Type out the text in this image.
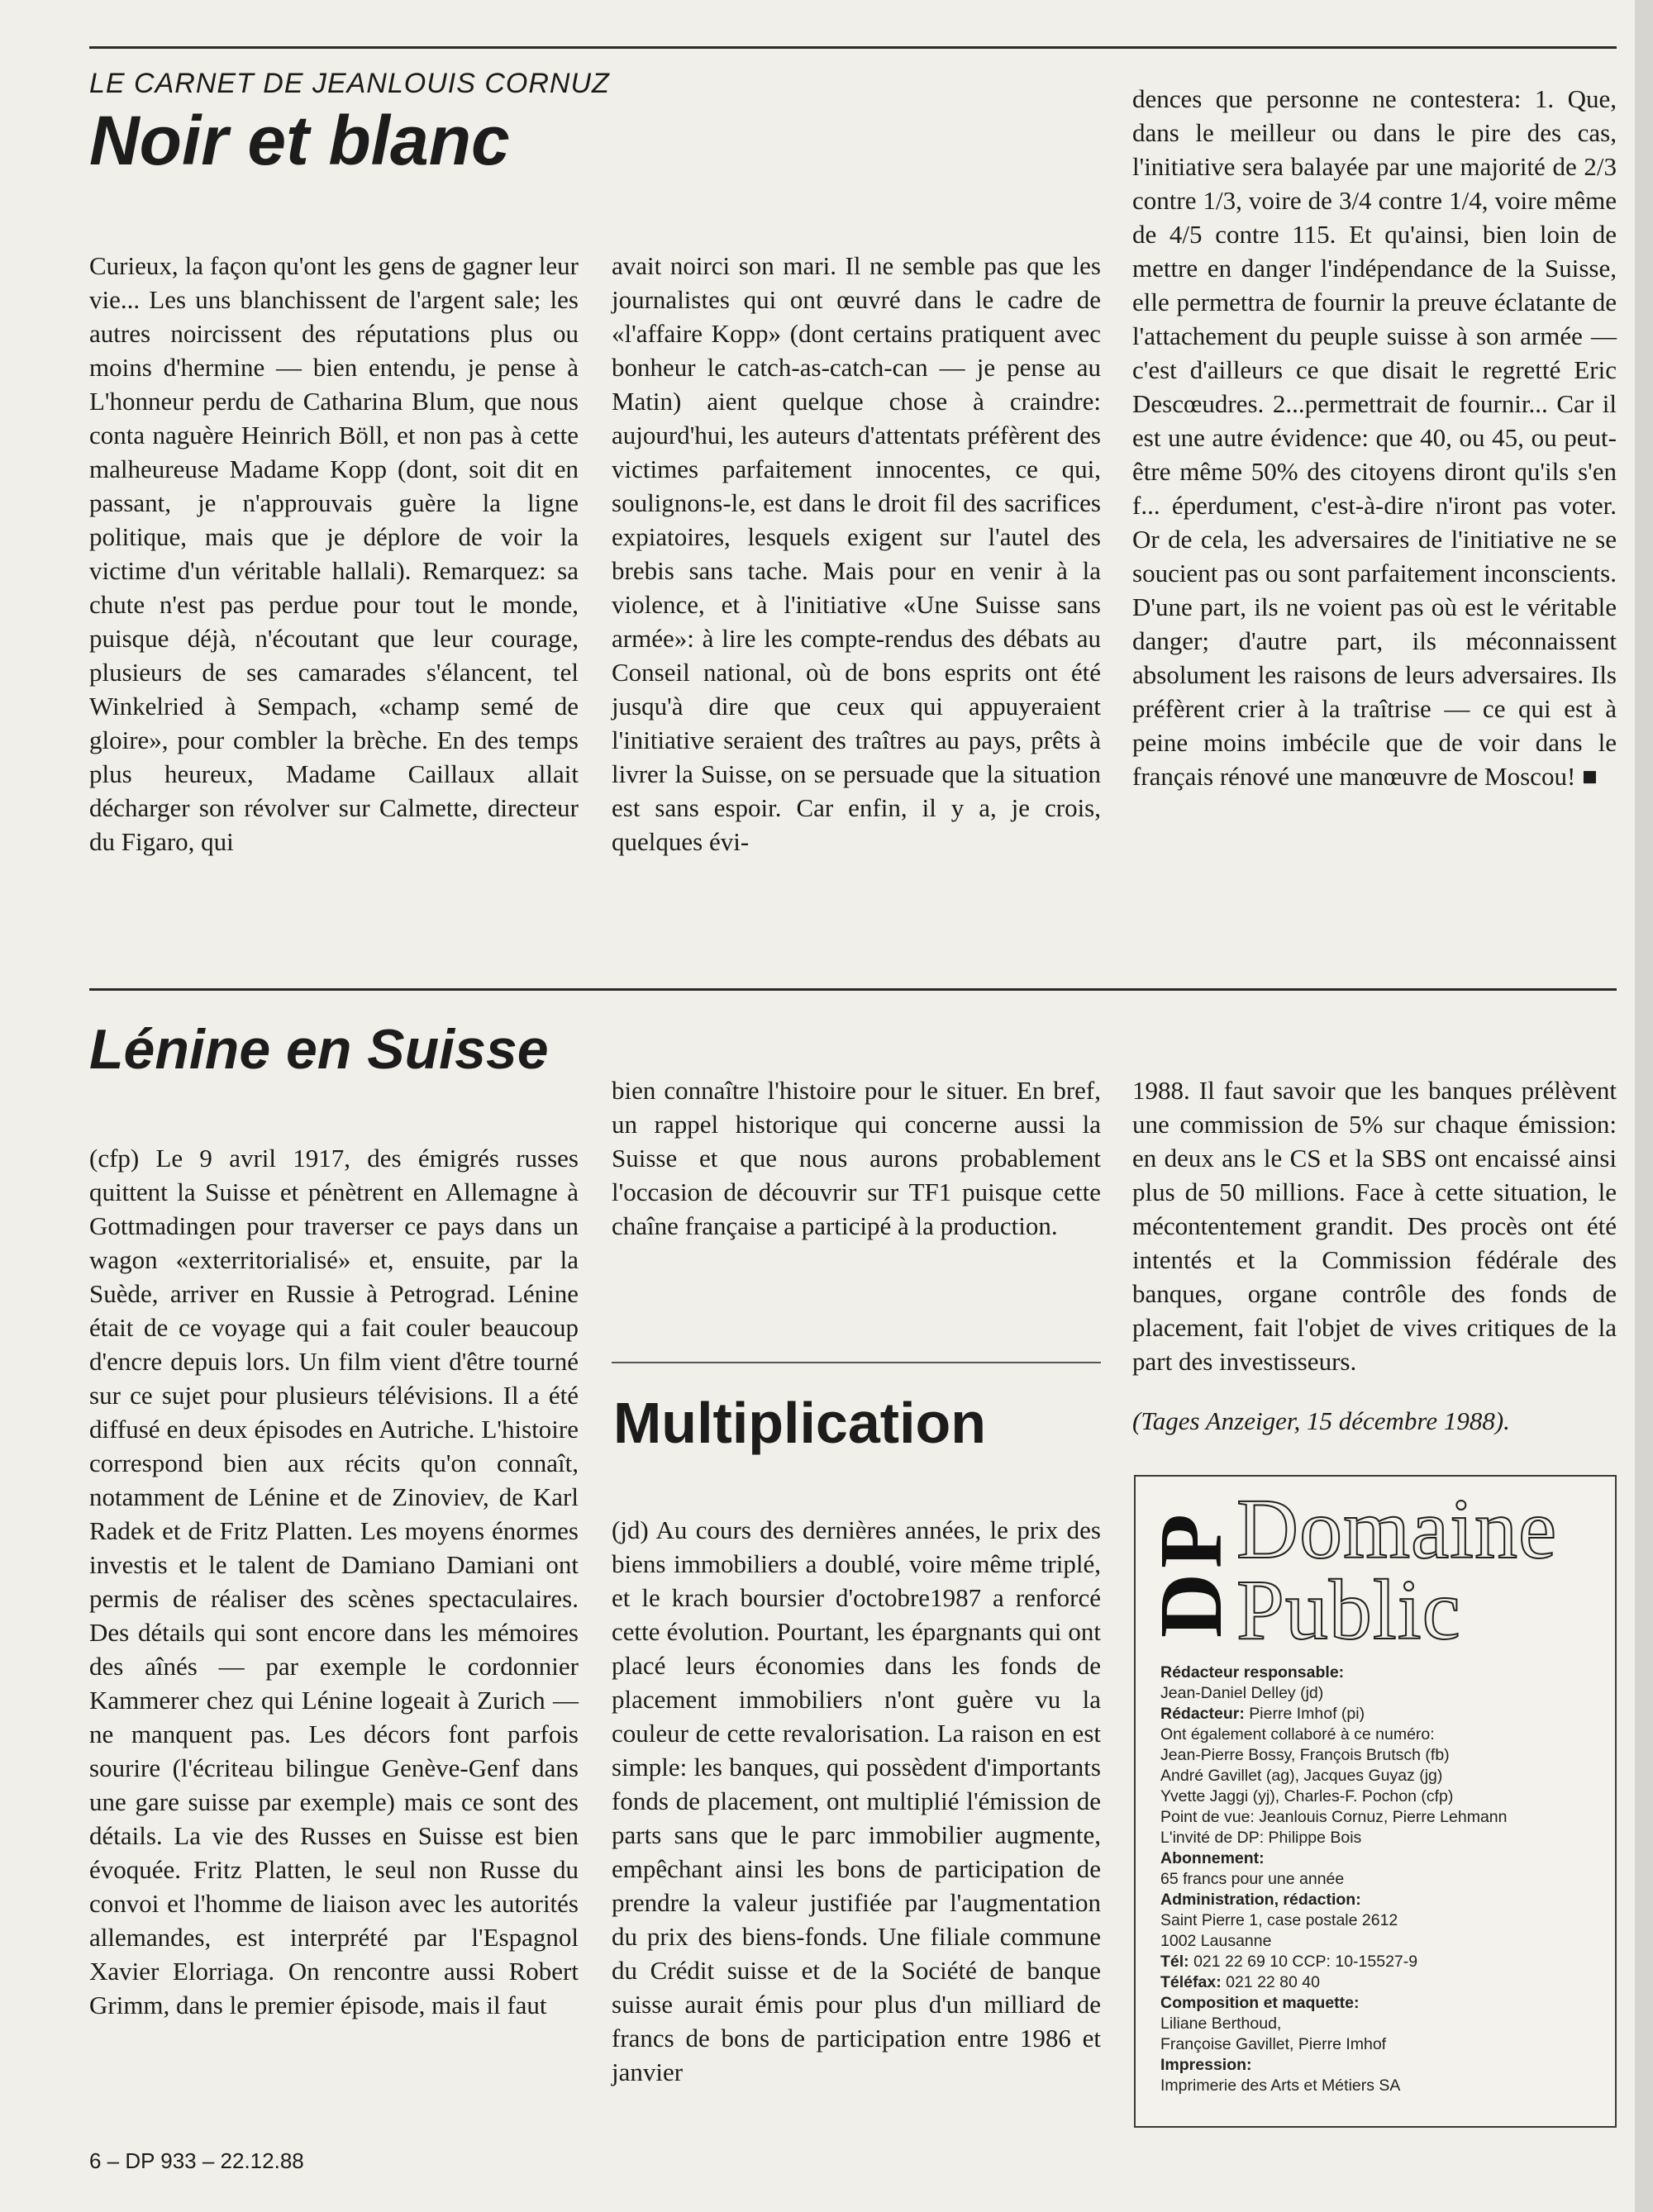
LE CARNET DE JEANLOUIS CORNUZ
Noir et blanc

Curieux, la façon qu'ont les gens de gagner leur vie... Les uns blanchissent de l'argent sale; les autres noircissent des réputations plus ou moins d'hermine — bien entendu, je pense à L'honneur perdu de Catharina Blum, que nous conta naguère Heinrich Böll, et non pas à cette malheureuse Madame Kopp (dont, soit dit en passant, je n'approuvais guère la ligne politique, mais que je déplore de voir la victime d'un véritable hallali). Remarquez: sa chute n'est pas perdue pour tout le monde, puisque déjà, n'écoutant que leur courage, plusieurs de ses camarades s'élancent, tel Winkelried à Sempach, «champ semé de gloire», pour combler la brèche. En des temps plus heureux, Madame Caillaux allait décharger son révolver sur Calmette, directeur du Figaro, qui

avait noirci son mari. Il ne semble pas que les journalistes qui ont œuvré dans le cadre de «l'affaire Kopp» (dont certains pratiquent avec bonheur le catch-as-catch-can — je pense au Matin) aient quelque chose à craindre: aujourd'hui, les auteurs d'attentats préfèrent des victimes parfaitement innocentes, ce qui, soulignons-le, est dans le droit fil des sacrifices expiatoires, lesquels exigent sur l'autel des brebis sans tache. Mais pour en venir à la violence, et à l'initiative «Une Suisse sans armée»: à lire les compte-rendus des débats au Conseil national, où de bons esprits ont été jusqu'à dire que ceux qui appuyeraient l'initiative seraient des traîtres au pays, prêts à livrer la Suisse, on se persuade que la situation est sans espoir. Car enfin, il y a, je crois, quelques évi-

dences que personne ne contestera: 1. Que, dans le meilleur ou dans le pire des cas, l'initiative sera balayée par une majorité de 2/3 contre 1/3, voire de 3/4 contre 1/4, voire même de 4/5 contre 115. Et qu'ainsi, bien loin de mettre en danger l'indépendance de la Suisse, elle permettra de fournir la preuve éclatante de l'attachement du peuple suisse à son armée — c'est d'ailleurs ce que disait le regretté Eric Descœudres. 2...permettrait de fournir... Car il est une autre évidence: que 40, ou 45, ou peut-être même 50% des citoyens diront qu'ils s'en f... éperdument, c'est-à-dire n'iront pas voter. Or de cela, les adversaires de l'initiative ne se soucient pas ou sont parfaitement inconscients. D'une part, ils ne voient pas où est le véritable danger; d'autre part, ils méconnaissent absolument les raisons de leurs adversaires. Ils préfèrent crier à la traîtrise — ce qui est à peine moins imbécile que de voir dans le français rénové une manœuvre de Moscou! ■

Lénine en Suisse

(cfp) Le 9 avril 1917, des émigrés russes quittent la Suisse et pénètrent en Allemagne à Gottmadingen pour traverser ce pays dans un wagon «exterritorialisé» et, ensuite, par la Suède, arriver en Russie à Petrograd. Lénine était de ce voyage qui a fait couler beaucoup d'encre depuis lors. Un film vient d'être tourné sur ce sujet pour plusieurs télévisions. Il a été diffusé en deux épisodes en Autriche. L'histoire correspond bien aux récits qu'on connaît, notamment de Lénine et de Zinoviev, de Karl Radek et de Fritz Platten. Les moyens énormes investis et le talent de Damiano Damiani ont permis de réaliser des scènes spectaculaires. Des détails qui sont encore dans les mémoires des aînés — par exemple le cordonnier Kammerer chez qui Lénine logeait à Zurich — ne manquent pas. Les décors font parfois sourire (l'écriteau bilingue Genève-Genf dans une gare suisse par exemple) mais ce sont des détails. La vie des Russes en Suisse est bien évoquée. Fritz Platten, le seul non Russe du convoi et l'homme de liaison avec les autorités allemandes, est interprété par l'Espagnol Xavier Elorriaga. On rencontre aussi Robert Grimm, dans le premier épisode, mais il faut

bien connaître l'histoire pour le situer. En bref, un rappel historique qui concerne aussi la Suisse et que nous aurons probablement l'occasion de découvrir sur TF1 puisque cette chaîne française a participé à la production.

Multiplication

(jd) Au cours des dernières années, le prix des biens immobiliers a doublé, voire même triplé, et le krach boursier d'octobre1987 a renforcé cette évolution. Pourtant, les épargnants qui ont placé leurs économies dans les fonds de placement immobiliers n'ont guère vu la couleur de cette revalorisation. La raison en est simple: les banques, qui possèdent d'importants fonds de placement, ont multiplié l'émission de parts sans que le parc immobilier augmente, empêchant ainsi les bons de participation de prendre la valeur justifiée par l'augmentation du prix des biens-fonds. Une filiale commune du Crédit suisse et de la Société de banque suisse aurait émis pour plus d'un milliard de francs de bons de participation entre 1986 et janvier

1988. Il faut savoir que les banques prélèvent une commission de 5% sur chaque émission: en deux ans le CS et la SBS ont encaissé ainsi plus de 50 millions. Face à cette situation, le mécontentement grandit. Des procès ont été intentés et la Commission fédérale des banques, organe contrôle des fonds de placement, fait l'objet de vives critiques de la part des investisseurs.

(Tages Anzeiger, 15 décembre 1988).

DP
Domaine
Public
Rédacteur responsable:
Jean-Daniel Delley (jd)
Rédacteur: Pierre Imhof (pi)
Ont également collaboré à ce numéro:
Jean-Pierre Bossy, François Brutsch (fb)
André Gavillet (ag), Jacques Guyaz (jg)
Yvette Jaggi (yj), Charles-F. Pochon (cfp)
Point de vue: Jeanlouis Cornuz, Pierre Lehmann
L'invité de DP: Philippe Bois
Abonnement:
65 francs pour une année
Administration, rédaction:
Saint Pierre 1, case postale 2612
1002 Lausanne
Tél: 021 22 69 10 CCP: 10-15527-9
Téléfax: 021 22 80 40
Composition et maquette:
Liliane Berthoud,
Françoise Gavillet, Pierre Imhof
Impression:
Imprimerie des Arts et Métiers SA
6 – DP 933 – 22.12.88
